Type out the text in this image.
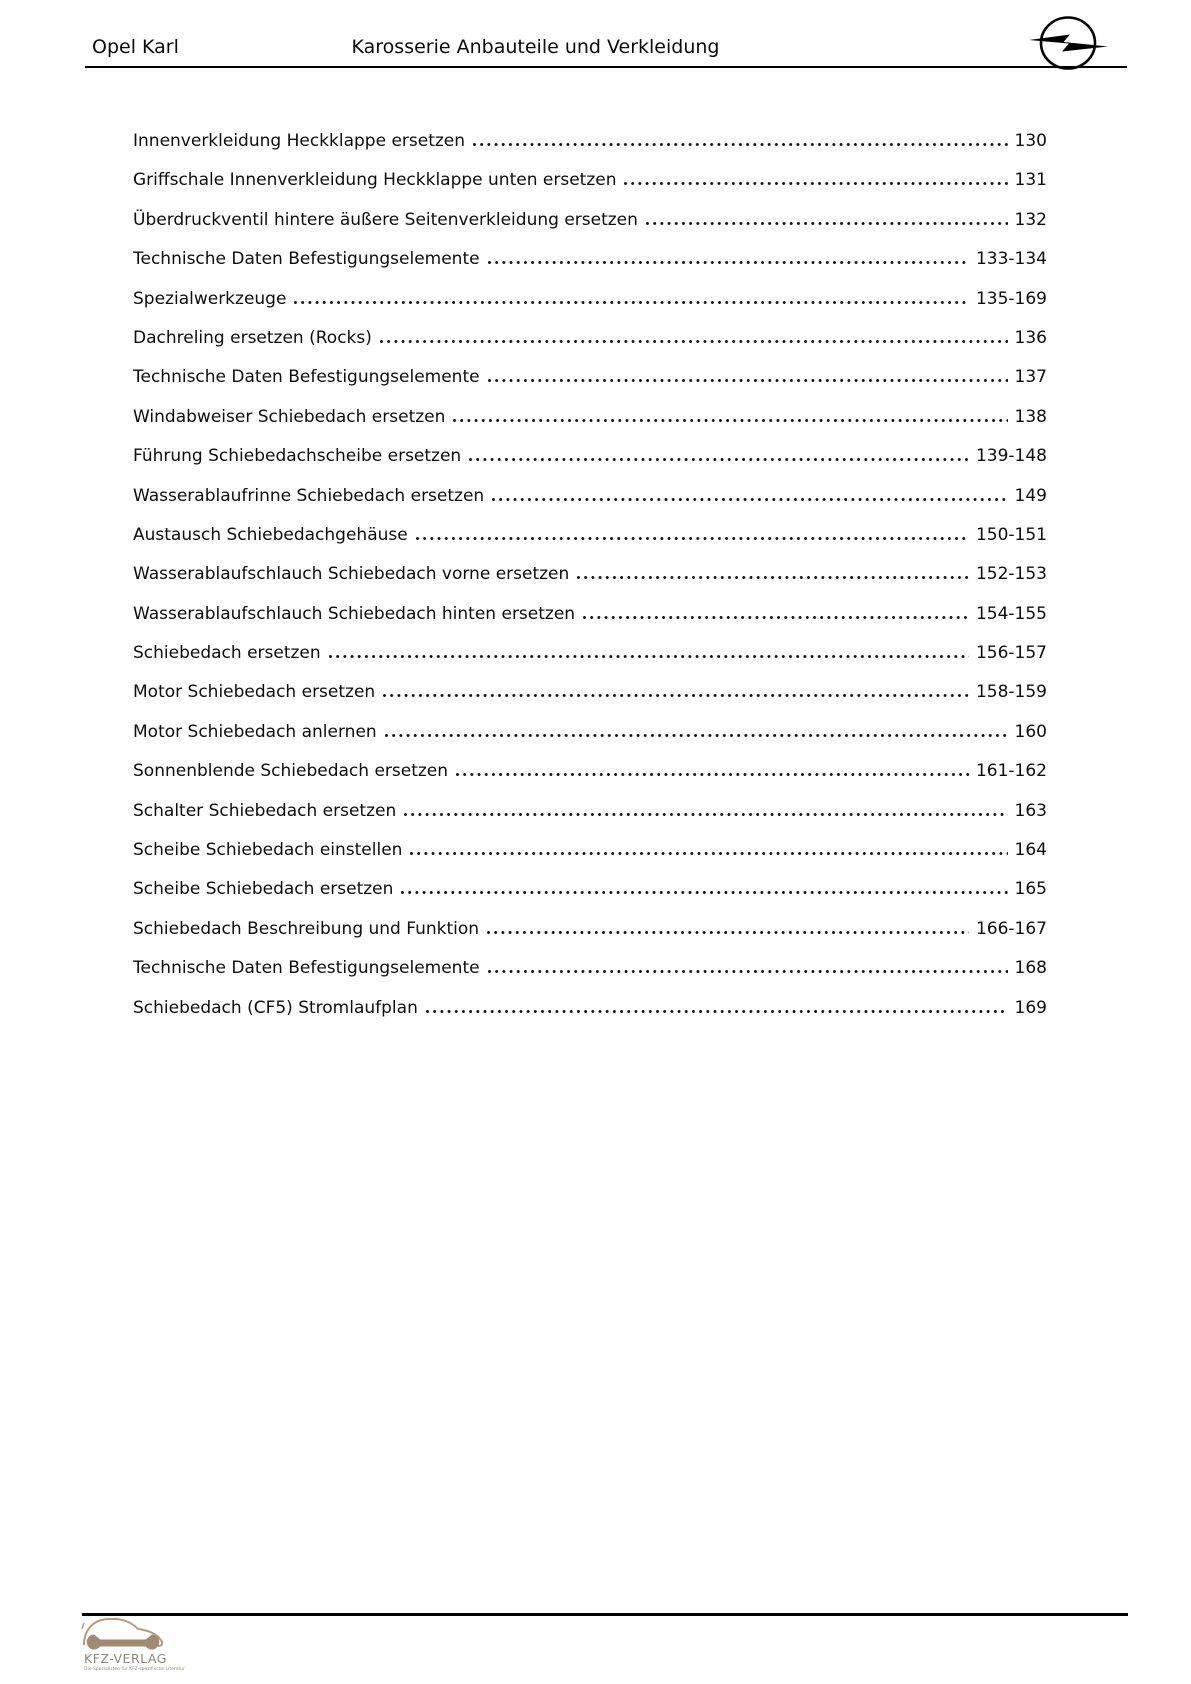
Opel Karl	Karosserie Anbauteile und Verkleidung
Innenverkleidung Heckklappe ersetzen	130
Griffschale Innenverkleidung Heckklappe unten ersetzen	131
Überdruckventil hintere äußere Seitenverkleidung ersetzen	132
Technische Daten Befestigungselemente	133-134
Spezialwerkzeuge	135-169
Dachreling ersetzen (Rocks)	136
Technische Daten Befestigungselemente	137
Windabweiser Schiebedach ersetzen	138
Führung Schiebedachscheibe ersetzen	139-148
Wasserablaufrinne Schiebedach ersetzen	149
Austausch Schiebedachgehäuse	150-151
Wasserablaufschlauch Schiebedach vorne ersetzen	152-153
Wasserablaufschlauch Schiebedach hinten ersetzen	154-155
Schiebedach ersetzen	156-157
Motor Schiebedach ersetzen	158-159
Motor Schiebedach anlernen	160
Sonnenblende Schiebedach ersetzen	161-162
Schalter Schiebedach ersetzen	163
Scheibe Schiebedach einstellen	164
Scheibe Schiebedach ersetzen	165
Schiebedach Beschreibung und Funktion	166-167
Technische Daten Befestigungselemente	168
Schiebedach (CF5) Stromlaufplan	169
KFZ-VERLAG
Die Spezialisten für KFZ-spezifische Literatur
